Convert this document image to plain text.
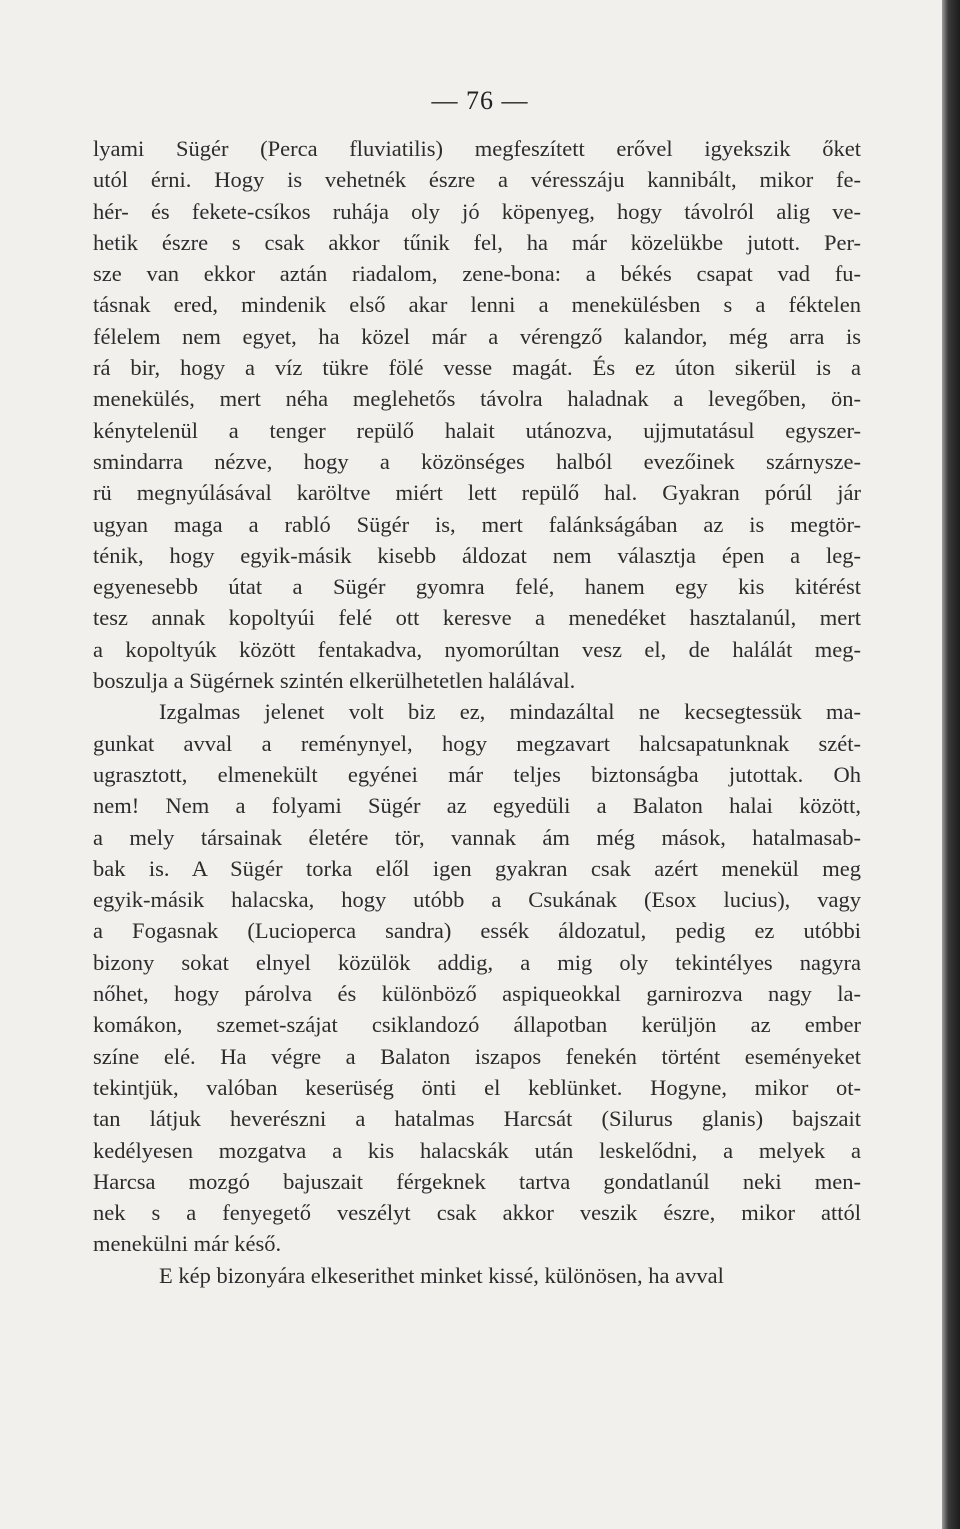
— 76 —
lyami Sügér (Perca fluviatilis) megfeszített erővel igyekszik őket
utól érni. Hogy is vehetnék észre a véresszáju kannibált, mikor fe-
hér- és fekete-csíkos ruhája oly jó köpenyeg, hogy távolról alig ve-
hetik észre s csak akkor tűnik fel, ha már közelükbe jutott. Per-
sze van ekkor aztán riadalom, zene-bona: a békés csapat vad fu-
tásnak ered, mindenik első akar lenni a menekülésben s a féktelen
félelem nem egyet, ha közel már a vérengző kalandor, még arra is
rá bir, hogy a víz tükre fölé vesse magát. És ez úton sikerül is a
menekülés, mert néha meglehetős távolra haladnak a levegőben, ön-
kénytelenül a tenger repülő halait utánozva, ujjmutatásul egyszer-
smindarra nézve, hogy a közönséges halból evezőinek szárnysze-
rü megnyúlásával karöltve miért lett repülő hal. Gyakran pórúl jár
ugyan maga a rabló Sügér is, mert falánkságában az is megtör-
ténik, hogy egyik-másik kisebb áldozat nem választja épen a leg-
egyenesebb útat a Sügér gyomra felé, hanem egy kis kitérést
tesz annak kopoltyúi felé ott keresve a menedéket hasztalanúl, mert
a kopoltyúk között fentakadva, nyomorúltan vesz el, de halálát meg-
boszulja a Sügérnek szintén elkerülhetetlen halálával.
Izgalmas jelenet volt biz ez, mindazáltal ne kecsegtessük ma-
gunkat avval a reménynyel, hogy megzavart halcsapatunknak szét-
ugrasztott, elmenekült egyénei már teljes biztonságba jutottak. Oh
nem! Nem a folyami Sügér az egyedüli a Balaton halai között,
a mely társainak életére tör, vannak ám még mások, hatalmasab-
bak is. A Sügér torka elől igen gyakran csak azért menekül meg
egyik-másik halacska, hogy utóbb a Csukának (Esox lucius), vagy
a Fogasnak (Lucioperca sandra) essék áldozatul, pedig ez utóbbi
bizony sokat elnyel közülök addig, a mig oly tekintélyes nagyra
nőhet, hogy párolva és különböző aspiqueokkal garnirozva nagy la-
komákon, szemet-szájat csiklandozó állapotban kerüljön az ember
színe elé. Ha végre a Balaton iszapos fenekén történt eseményeket
tekintjük, valóban keserüség önti el keblünket. Hogyne, mikor ot-
tan látjuk heverészni a hatalmas Harcsát (Silurus glanis) bajszait
kedélyesen mozgatva a kis halacskák után leskelődni, a melyek a
Harcsa mozgó bajuszait férgeknek tartva gondatlanúl neki men-
nek s a fenyegető veszélyt csak akkor veszik észre, mikor attól
menekülni már késő.
E kép bizonyára elkeserithet minket kissé, különösen, ha avval
